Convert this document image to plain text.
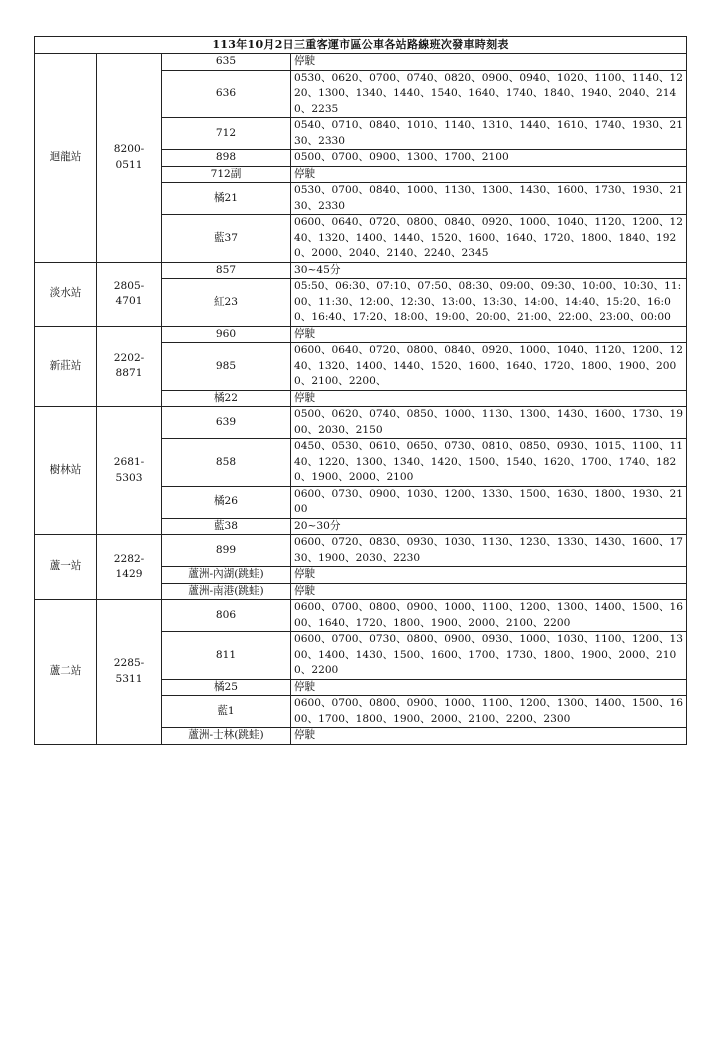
113年10月2日三重客運市區公車各站路線班次發車時刻表			
迴龍站	8200-0511	635	停駛
		636	0530、0620、0700、0740、0820、0900、0940、1020、1100、1140、1220、1300、1340、1440、1540、1640、1740、1840、1940、2040、2140、2235
		712	0540、0710、0840、1010、1140、1310、1440、1610、1740、1930、2130、2330
		898	0500、0700、0900、1300、1700、2100
		712副	停駛
		橘21	0530、0700、0840、1000、1130、1300、1430、1600、1730、1930、2130、2330
		藍37	0600、0640、0720、0800、0840、0920、1000、1040、1120、1200、1240、1320、1400、1440、1520、1600、1640、1720、1800、1840、1920、2000、2040、2140、2240、2345
淡水站	2805-4701	857	30~45分
		紅23	05:50、06:30、07:10、07:50、08:30、09:00、09:30、10:00、10:30、11:00、11:30、12:00、12:30、13:00、13:30、14:00、14:40、15:20、16:00、16:40、17:20、18:00、19:00、20:00、21:00、22:00、23:00、00:00
新莊站	2202-8871	960	停駛
		985	0600、0640、0720、0800、0840、0920、1000、1040、1120、1200、1240、1320、1400、1440、1520、1600、1640、1720、1800、1900、2000、2100、2200、
		橘22	停駛
樹林站	2681-5303	639	0500、0620、0740、0850、1000、1130、1300、1430、1600、1730、1900、2030、2150
		858	0450、0530、0610、0650、0730、0810、0850、0930、1015、1100、1140、1220、1300、1340、1420、1500、1540、1620、1700、1740、1820、1900、2000、2100
		橘26	0600、0730、0900、1030、1200、1330、1500、1630、1800、1930、2100
		藍38	20~30分
蘆一站	2282-1429	899	0600、0720、0830、0930、1030、1130、1230、1330、1430、1600、1730、1900、2030、2230
		蘆洲-內湖(跳蛙)	停駛
		蘆洲-南港(跳蛙)	停駛
蘆二站	2285-5311	806	0600、0700、0800、0900、1000、1100、1200、1300、1400、1500、1600、1640、1720、1800、1900、2000、2100、2200
		811	0600、0700、0730、0800、0900、0930、1000、1030、1100、1200、1300、1400、1430、1500、1600、1700、1730、1800、1900、2000、2100、2200
		橘25	停駛
		藍1	0600、0700、0800、0900、1000、1100、1200、1300、1400、1500、1600、1700、1800、1900、2000、2100、2200、2300
		蘆洲-士林(跳蛙)	停駛
